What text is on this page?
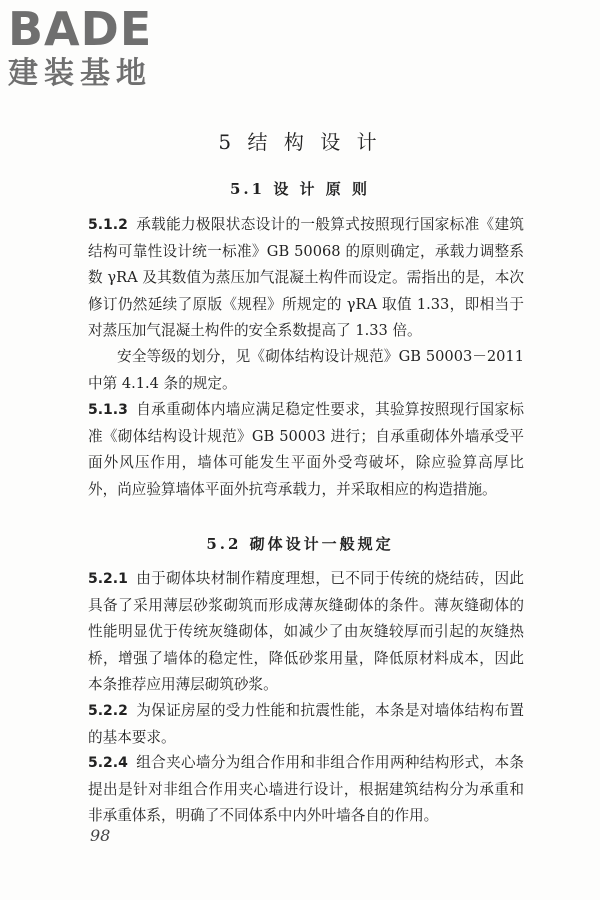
BADE
建装基地
5 结 构 设 计
5.1 设 计 原 则
5.1.2 承载能力极限状态设计的一般算式按照现行国家标准《建筑结构可靠性设计统一标准》GB 50068 的原则确定，承载力调整系数 γRA 及其数值为蒸压加气混凝土构件而设定。需指出的是，本次修订仍然延续了原版《规程》所规定的 γRA 取值 1.33，即相当于对蒸压加气混凝土构件的安全系数提高了 1.33 倍。
安全等级的划分，见《砌体结构设计规范》GB 50003－2011 中第 4.1.4 条的规定。
5.1.3 自承重砌体内墙应满足稳定性要求，其验算按照现行国家标准《砌体结构设计规范》GB 50003 进行；自承重砌体外墙承受平面外风压作用，墙体可能发生平面外受弯破坏，除应验算高厚比外，尚应验算墙体平面外抗弯承载力，并采取相应的构造措施。
5.2 砌体设计一般规定
5.2.1 由于砌体块材制作精度理想，已不同于传统的烧结砖，因此具备了采用薄层砂浆砌筑而形成薄灰缝砌体的条件。薄灰缝砌体的性能明显优于传统灰缝砌体，如减少了由灰缝较厚而引起的灰缝热桥，增强了墙体的稳定性，降低砂浆用量，降低原材料成本，因此本条推荐应用薄层砌筑砂浆。
5.2.2 为保证房屋的受力性能和抗震性能，本条是对墙体结构布置的基本要求。
5.2.4 组合夹心墙分为组合作用和非组合作用两种结构形式，本条提出是针对非组合作用夹心墙进行设计，根据建筑结构分为承重和非承重体系，明确了不同体系中内外叶墙各自的作用。
98
